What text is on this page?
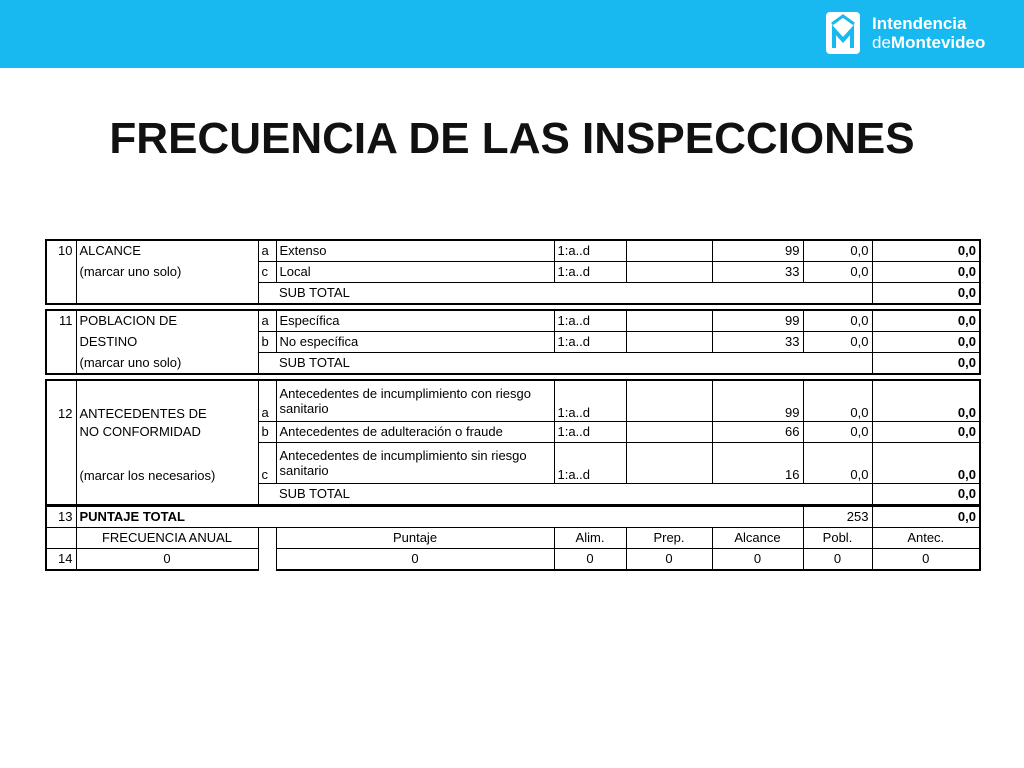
Intendencia
deMontevideo
FRECUENCIA DE LAS INSPECCIONES
10	ALCANCE	a	Extenso	1:a..d		99	0,0	0,0
	(marcar uno solo)	c	Local	1:a..d		33	0,0	0,0
			SUB TOTAL					0,0
11	POBLACION DE	a	Específica	1:a..d		99	0,0	0,0
	DESTINO	b	No específica	1:a..d		33	0,0	0,0
	(marcar uno solo)		SUB TOTAL					0,0
12	ANTECEDENTES DE	a	Antecedentes de incumplimiento con riesgo sanitario	1:a..d		99	0,0	0,0
	NO CONFORMIDAD	b	Antecedentes de adulteración o fraude	1:a..d		66	0,0	0,0
	(marcar los necesarios)	c	Antecedentes de incumplimiento sin riesgo sanitario	1:a..d		16	0,0	0,0
			SUB TOTAL					0,0
13	PUNTAJE TOTAL						253	0,0
	FRECUENCIA ANUAL		Puntaje	Alim.	Prep.	Alcance	Pobl.	Antec.
14	0		0	0	0	0	0	0
